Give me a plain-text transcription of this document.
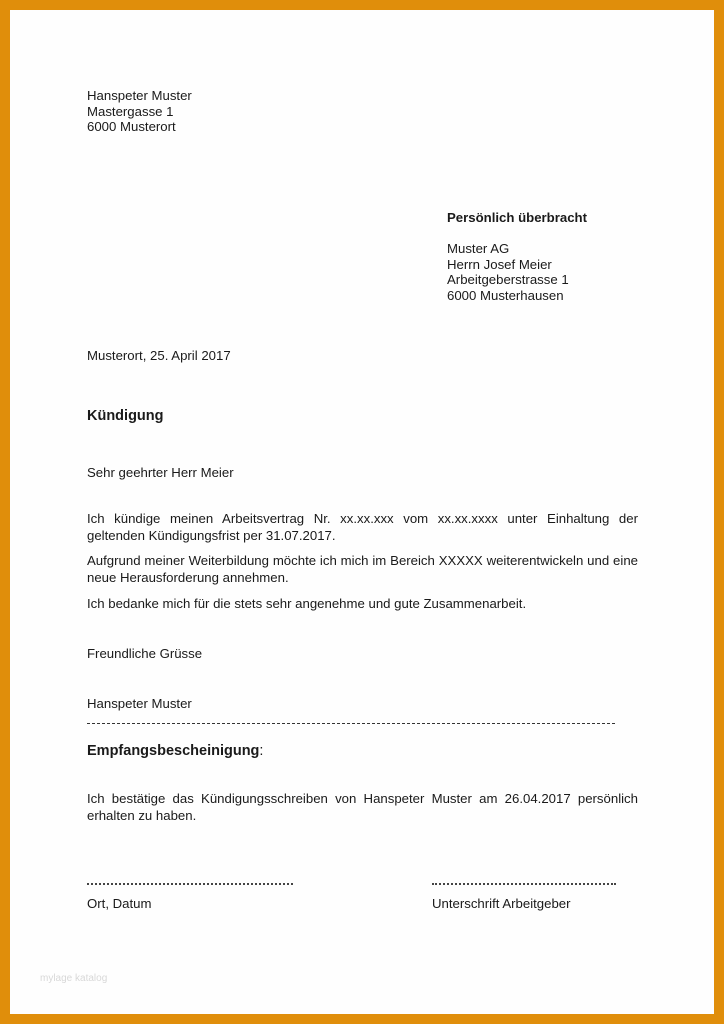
Hanspeter Muster
Mastergasse 1
6000 Musterort
Persönlich überbracht
Muster AG
Herrn Josef Meier
Arbeitgeberstrasse 1
6000 Musterhausen
Musterort, 25. April 2017
Kündigung
Sehr geehrter Herr Meier
Ich kündige meinen Arbeitsvertrag Nr. xx.xx.xxx vom xx.xx.xxxx unter Einhaltung der geltenden Kündigungsfrist per 31.07.2017.
Aufgrund meiner Weiterbildung möchte ich mich im Bereich XXXXX weiterentwickeln und eine neue Herausforderung annehmen.
Ich bedanke mich für die stets sehr angenehme und gute Zusammenarbeit.
Freundliche Grüsse
Hanspeter Muster
Empfangsbescheinigung:
Ich bestätige das Kündigungsschreiben von Hanspeter Muster am 26.04.2017 persönlich erhalten zu haben.
Ort, Datum	Unterschrift Arbeitgeber
mylage katalog
